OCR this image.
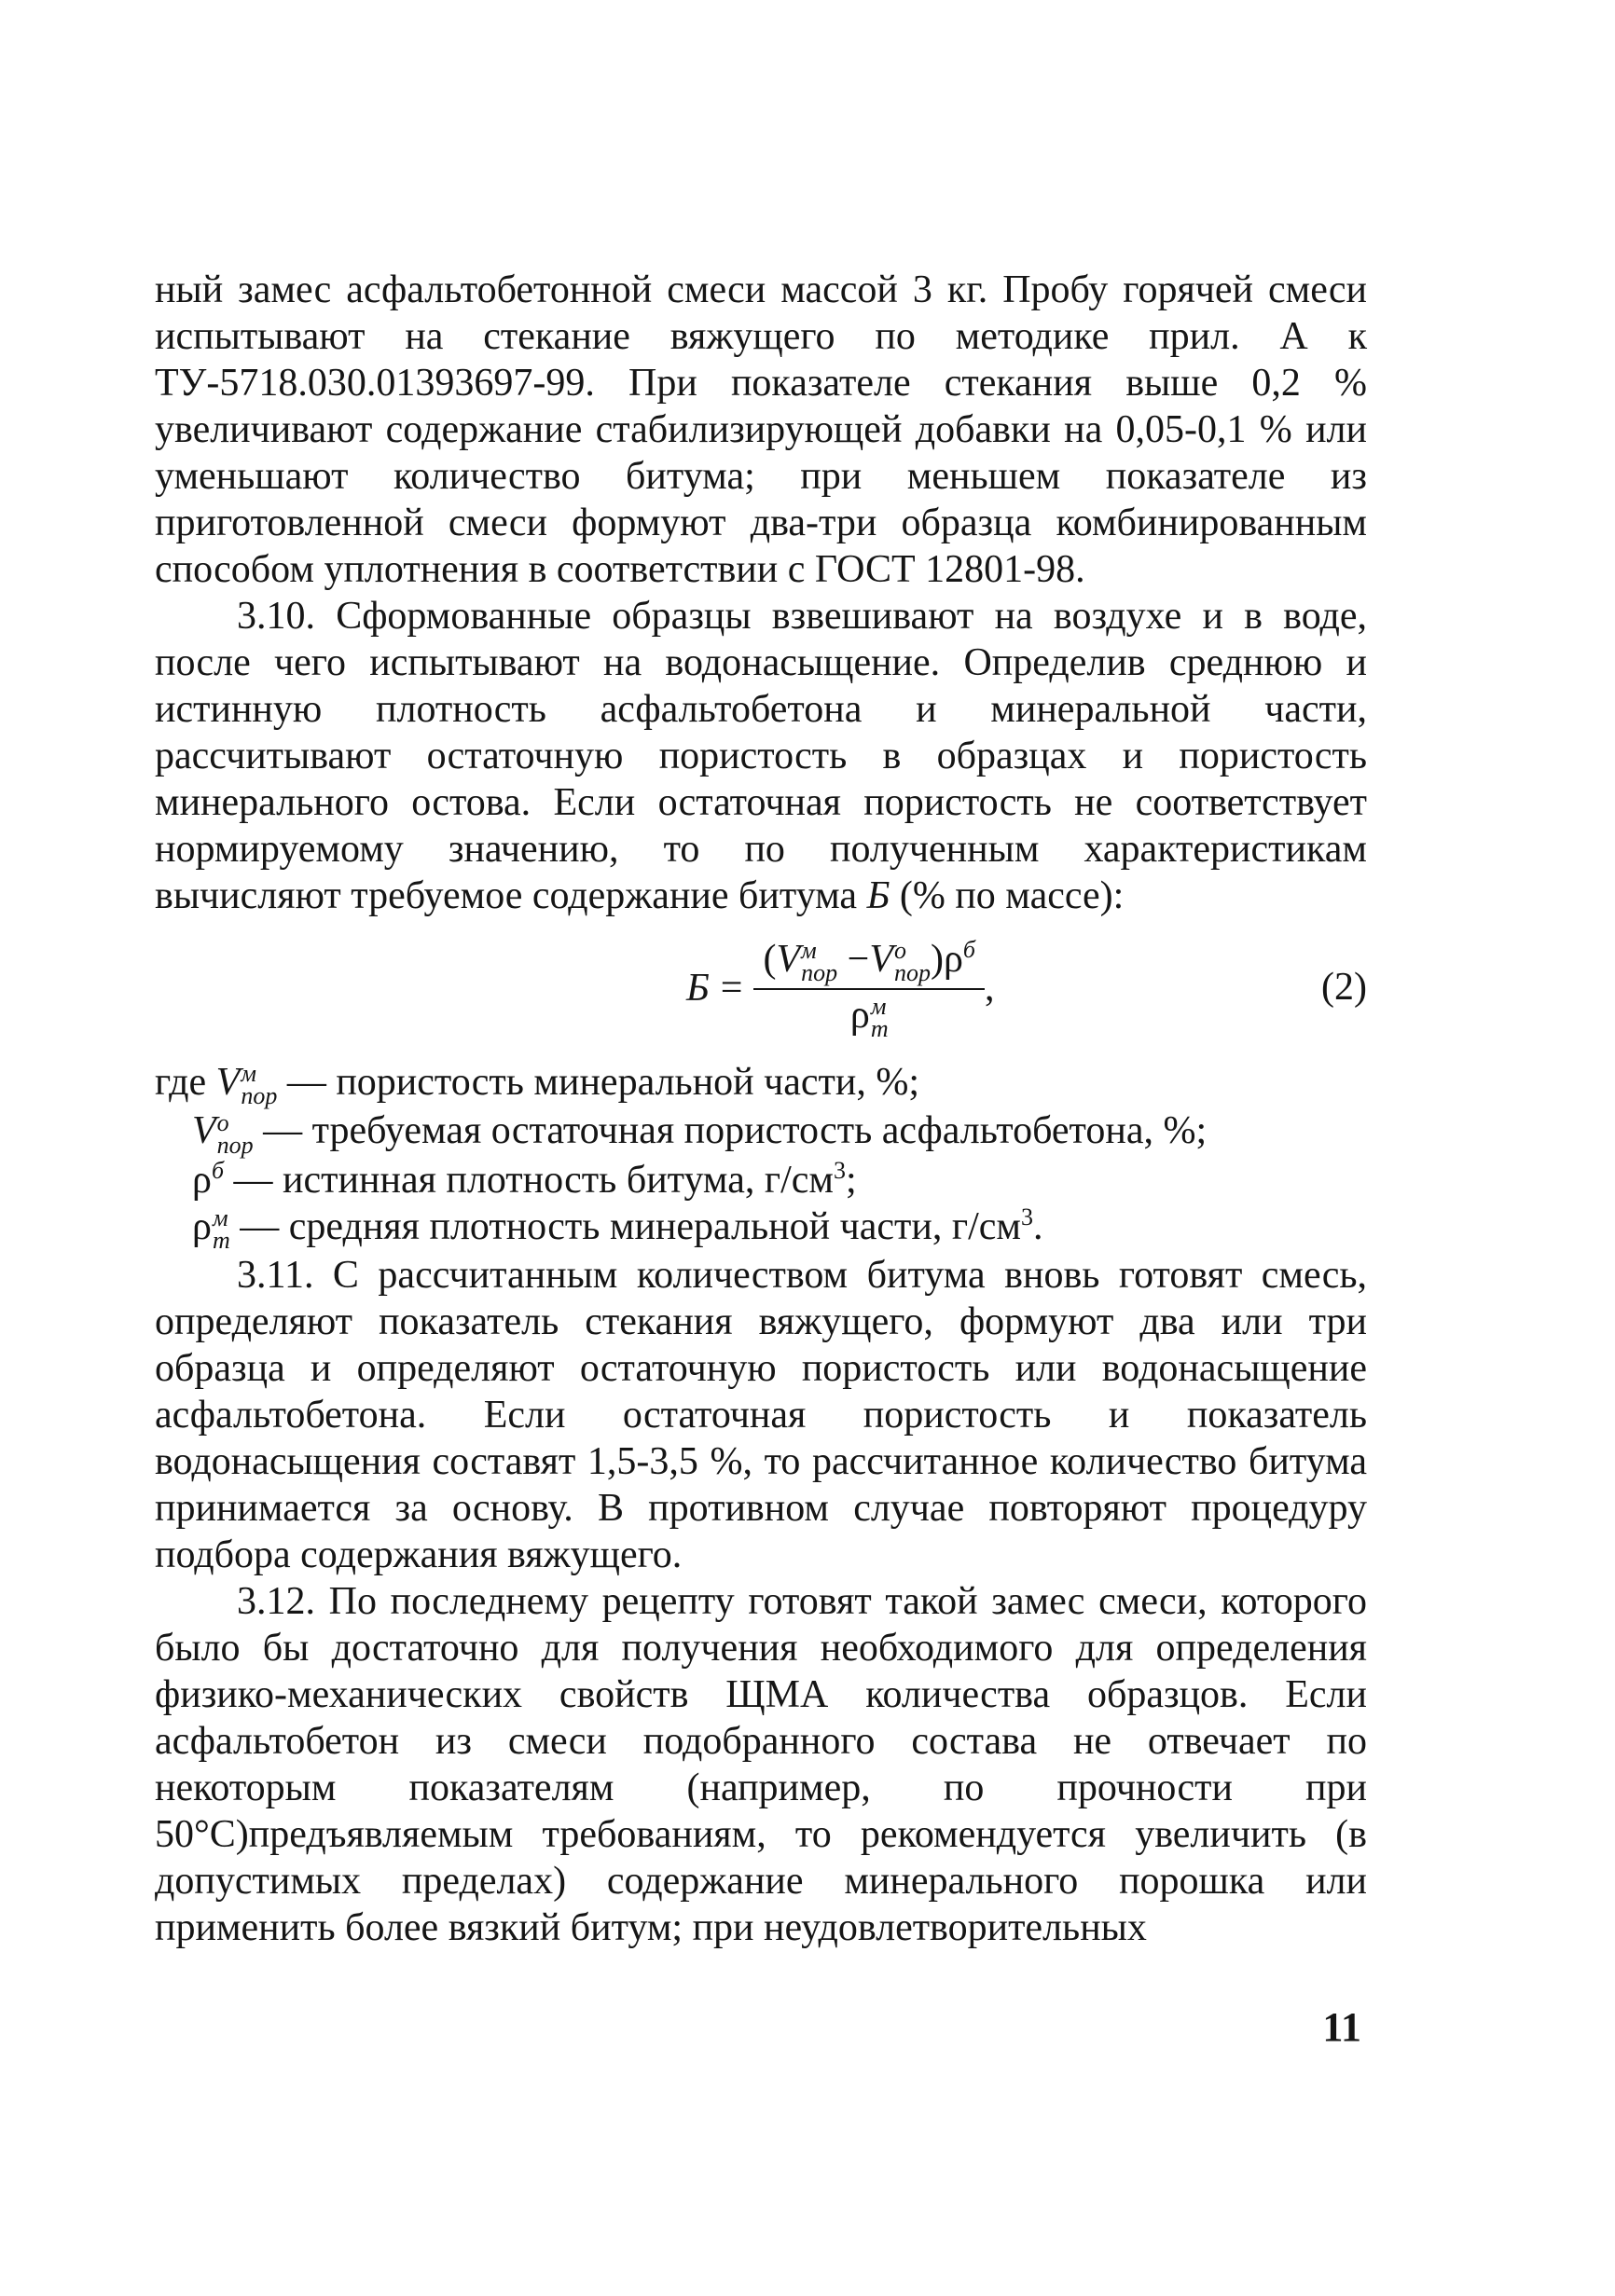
ный замес асфальтобетонной смеси массой 3 кг. Пробу горячей смеси испытывают на стекание вяжущего по методике прил. А к ТУ-5718.030.01393697-99. При показателе стекания выше 0,2 % увеличивают содержание стабилизирующей добавки на 0,05-0,1 % или уменьшают количество битума; при меньшем показателе из приготовленной смеси формуют два-три образца комбинированным способом уплотнения в соответствии с ГОСТ 12801-98.

3.10. Сформованные образцы взвешивают на воздухе и в воде, после чего испытывают на водонасыщение. Определив среднюю и истинную плотность асфальтобетона и минеральной части, рассчитывают остаточную пористость в образцах и пористость минерального остова. Если остаточная пористость не соответствует нормируемому значению, то по полученным характеристикам вычисляют требуемое содержание битума Б (% по массе):

Б = (V м
пор −V о
пор )$\rho^б$
ρ м
m ,	(2)
где V м
пор — пористость минеральной части, %;
V о
пор — требуемая остаточная пористость асфальтобетона, %;
$\rho^б$ — истинная плотность битума, $г/см^3$;
ρ м
m — средняя плотность минеральной части, $г/см^3$.

3.11. С рассчитанным количеством битума вновь готовят смесь, определяют показатель стекания вяжущего, формуют два или три образца и определяют остаточную пористость или водонасыщение асфальтобетона. Если остаточная пористость и показатель водонасыщения составят 1,5-3,5 %, то рассчитанное количество битума принимается за основу. В противном случае повторяют процедуру подбора содержания вяжущего.

3.12. По последнему рецепту готовят такой замес смеси, которого было бы достаточно для получения необходимого для определения физико-механических свойств ЩМА количества образцов. Если асфальтобетон из смеси подобранного состава не отвечает по некоторым показателям (например, по прочности при 50°С)предъявляемым требованиям, то рекомендуется увеличить (в допустимых пределах) содержание минерального порошка или применить более вязкий битум; при неудовлетворительных

11
